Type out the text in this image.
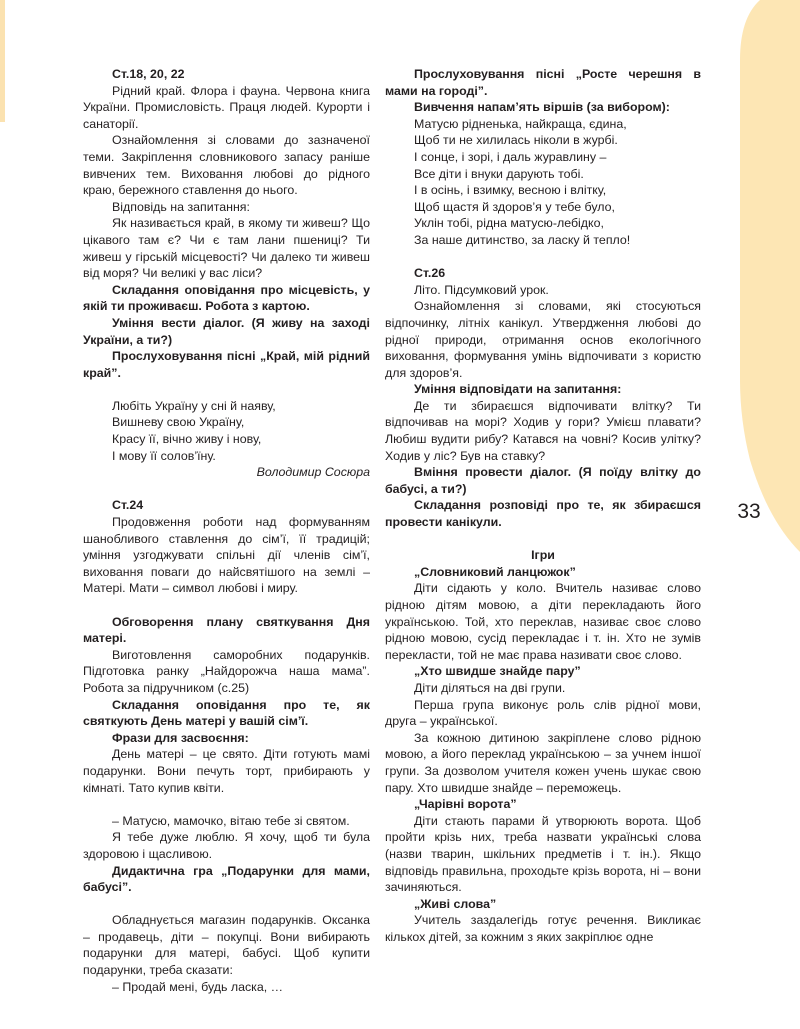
33

Ст.18, 20, 22

Рідний край. Флора і фауна. Червона книга України. Промисловість. Праця людей. Курорти і санаторії.

Ознайомлення зі словами до зазначеної теми. Закріплення словникового запасу раніше вивчених тем. Виховання любові до рідного краю, бережного ставлення до нього.

Відповідь на запитання:

Як називається край, в якому ти живеш? Що цікавого там є? Чи є там лани пшениці? Ти живеш у гірській місцевості? Чи далеко ти живеш від моря? Чи великі у вас ліси?

Складання оповідання про місцевість, у якій ти проживаєш. Робота з картою.

Уміння вести діалог. (Я живу на заході України, а ти?)

Прослуховування пісні „Край, мій рідний край”.

Любіть Україну у сні й наяву,

Вишневу свою Україну,

Красу її, вічно живу і нову,

І мову її солов’їну.

Володимир Сосюра

Ст.24

Продовження роботи над формуванням шанобливого ставлення до сім’ї, її традицій; уміння узгоджувати спільні дії членів сім’ї, виховання поваги до найсвятішого на землі – Матері. Мати – символ любові і миру.

Обговорення плану святкування Дня матері.

Виготовлення саморобних подарунків. Підготовка ранку „Найдорожча наша мама”. Робота за підручником (с.25)

Складання оповідання про те, як святкують День матері у вашій сім’ї.

Фрази для засвоєння:

День матері – це свято. Діти готують мамі подарунки. Вони печуть торт, прибирають у кімнаті. Тато купив квіти.

– Матусю, мамочко, вітаю тебе зі святом.

Я тебе дуже люблю. Я хочу, щоб ти була здоровою і щасливою.

Дидактична гра „Подарунки для мами, бабусі”.

Обладнується магазин подарунків. Оксанка – продавець, діти – покупці. Вони вибирають подарунки для матері, бабусі. Щоб купити подарунки, треба сказати:

– Продай мені, будь ласка, …

Прослуховування пісні „Росте черешня в мами на городі”.

Вивчення напам’ять віршів (за вибором):

Матусю рідненька, найкраща, єдина,

Щоб ти не хилилась ніколи в журбі.

І сонце, і зорі, і даль журавлину –

Все діти і внуки дарують тобі.

І в осінь, і взимку, весною і влітку,

Щоб щастя й здоров’я у тебе було,

Уклін тобі, рідна матусю-лебідко,

За наше дитинство, за ласку й тепло!

Ст.26

Літо. Підсумковий урок.

Ознайомлення зі словами, які стосуються відпочинку, літніх канікул. Утвердження любові до рідної природи, отримання основ екологічного виховання, формування умінь відпочивати з користю для здоров’я.

Уміння відповідати на запитання:

Де ти збираєшся відпочивати влітку? Ти відпочивав на морі? Ходив у гори? Умієш плавати? Любиш вудити рибу? Катався на човні? Косив улітку? Ходив у ліс? Був на ставку?

Вміння провести діалог. (Я поїду влітку до бабусі, а ти?)

Складання розповіді про те, як збираєшся провести канікули.

Ігри

„Словниковий ланцюжок”

Діти сідають у коло. Вчитель називає слово рідною дітям мовою, а діти перекладають його українською. Той, хто переклав, називає своє слово рідною мовою, сусід перекладає і т. ін. Хто не зумів перекласти, той не має права називати своє слово.

„Хто швидше знайде пару”

Діти діляться на дві групи.

Перша група виконує роль слів рідної мови, друга – української.

За кожною дитиною закріплене слово рідною мовою, а його переклад українською – за учнем іншої групи. За дозволом учителя кожен учень шукає свою пару. Хто швидше знайде – переможець.

„Чарівні ворота”

Діти стають парами й утворюють ворота. Щоб пройти крізь них, треба назвати українські слова (назви тварин, шкільних предметів і т. ін.). Якщо відповідь правильна, проходьте крізь ворота, ні – вони зачиняються.

„Живі слова”

Учитель заздалегідь готує речення. Викликає кількох дітей, за кожним з яких закріплює одне
